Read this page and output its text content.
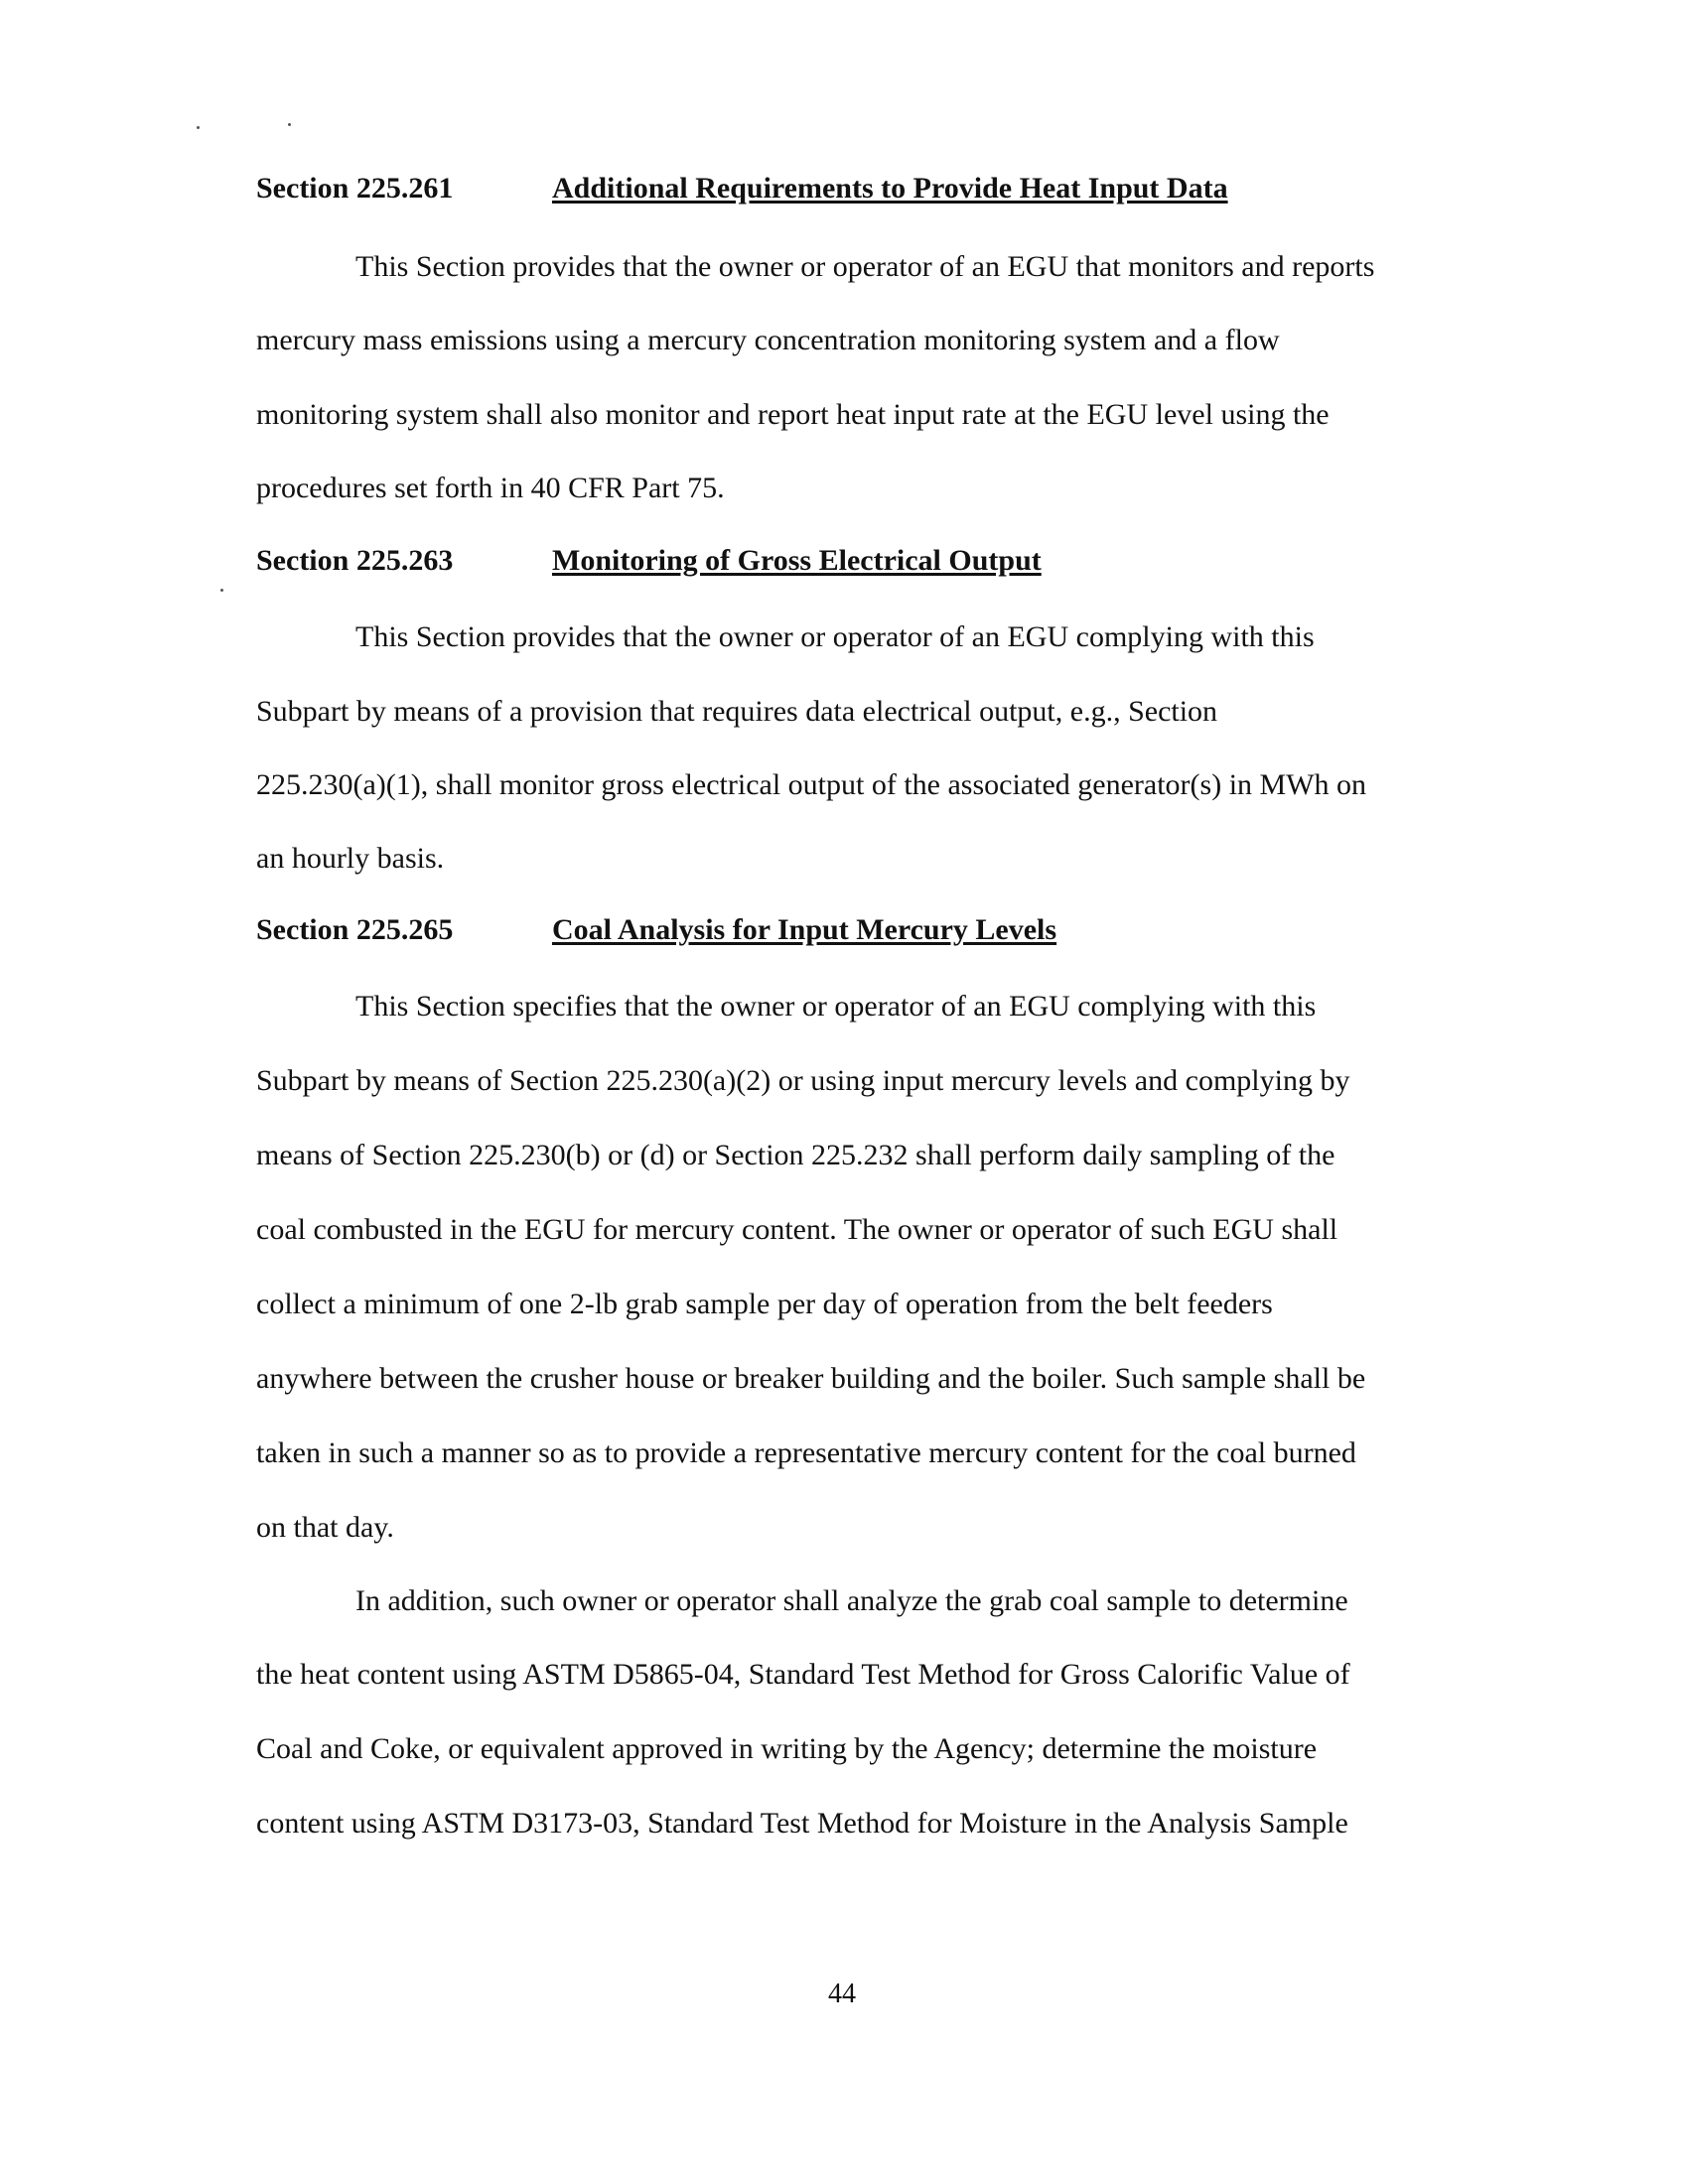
Section 225.261	Additional Requirements to Provide Heat Input Data
This Section provides that the owner or operator of an EGU that monitors and reports
mercury mass emissions using a mercury concentration monitoring system and a flow
monitoring system shall also monitor and report heat input rate at the EGU level using the
procedures set forth in 40 CFR Part 75.
Section 225.263	Monitoring of Gross Electrical Output
This Section provides that the owner or operator of an EGU complying with this
Subpart by means of a provision that requires data electrical output, e.g., Section
225.230(a)(1), shall monitor gross electrical output of the associated generator(s) in MWh on
an hourly basis.
Section 225.265	Coal Analysis for Input Mercury Levels
This Section specifies that the owner or operator of an EGU complying with this
Subpart by means of Section 225.230(a)(2) or using input mercury levels and complying by
means of Section 225.230(b) or (d) or Section 225.232 shall perform daily sampling of the
coal combusted in the EGU for mercury content. The owner or operator of such EGU shall
collect a minimum of one 2-lb grab sample per day of operation from the belt feeders
anywhere between the crusher house or breaker building and the boiler. Such sample shall be
taken in such a manner so as to provide a representative mercury content for the coal burned
on that day.
In addition, such owner or operator shall analyze the grab coal sample to determine
the heat content using ASTM D5865-04, Standard Test Method for Gross Calorific Value of
Coal and Coke, or equivalent approved in writing by the Agency; determine the moisture
content using ASTM D3173-03, Standard Test Method for Moisture in the Analysis Sample
44
